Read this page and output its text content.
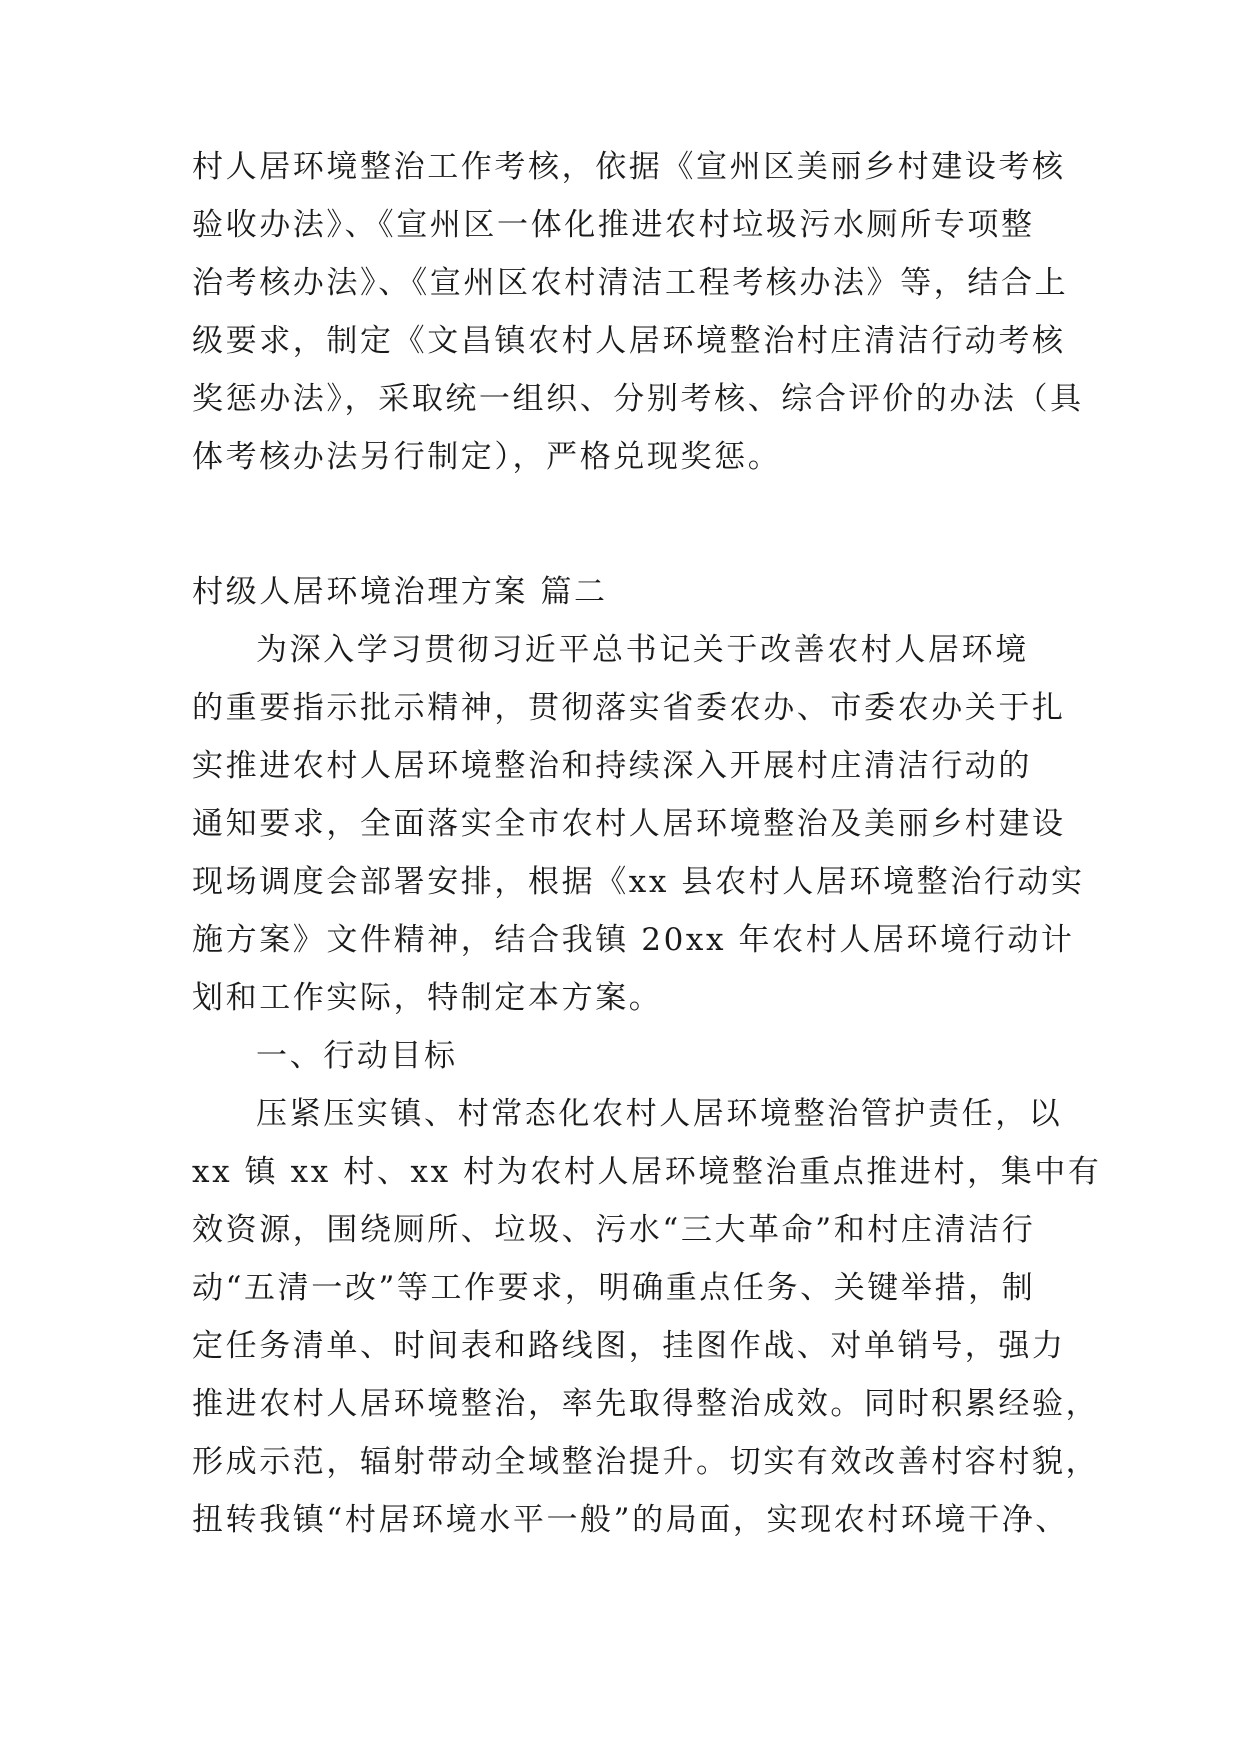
村人居环境整治工作考核，依据《宣州区美丽乡村建设考核
验收办法》、《宣州区一体化推进农村垃圾污水厕所专项整
治考核办法》、《宣州区农村清洁工程考核办法》等，结合上
级要求，制定《文昌镇农村人居环境整治村庄清洁行动考核
奖惩办法》，采取统一组织、分别考核、综合评价的办法（具
体考核办法另行制定），严格兑现奖惩。
村级人居环境治理方案 篇二
为深入学习贯彻习近平总书记关于改善农村人居环境
的重要指示批示精神，贯彻落实省委农办、市委农办关于扎
实推进农村人居环境整治和持续深入开展村庄清洁行动的
通知要求，全面落实全市农村人居环境整治及美丽乡村建设
现场调度会部署安排，根据《xx 县农村人居环境整治行动实
施方案》文件精神，结合我镇 20xx 年农村人居环境行动计
划和工作实际，特制定本方案。
一、行动目标
压紧压实镇、村常态化农村人居环境整治管护责任，以
xx 镇 xx 村、xx 村为农村人居环境整治重点推进村，集中有
效资源，围绕厕所、垃圾、污水“三大革命”和村庄清洁行
动“五清一改”等工作要求，明确重点任务、关键举措，制
定任务清单、时间表和路线图，挂图作战、对单销号，强力
推进农村人居环境整治，率先取得整治成效。同时积累经验，
形成示范，辐射带动全域整治提升。切实有效改善村容村貌，
扭转我镇“村居环境水平一般”的局面，实现农村环境干净、
